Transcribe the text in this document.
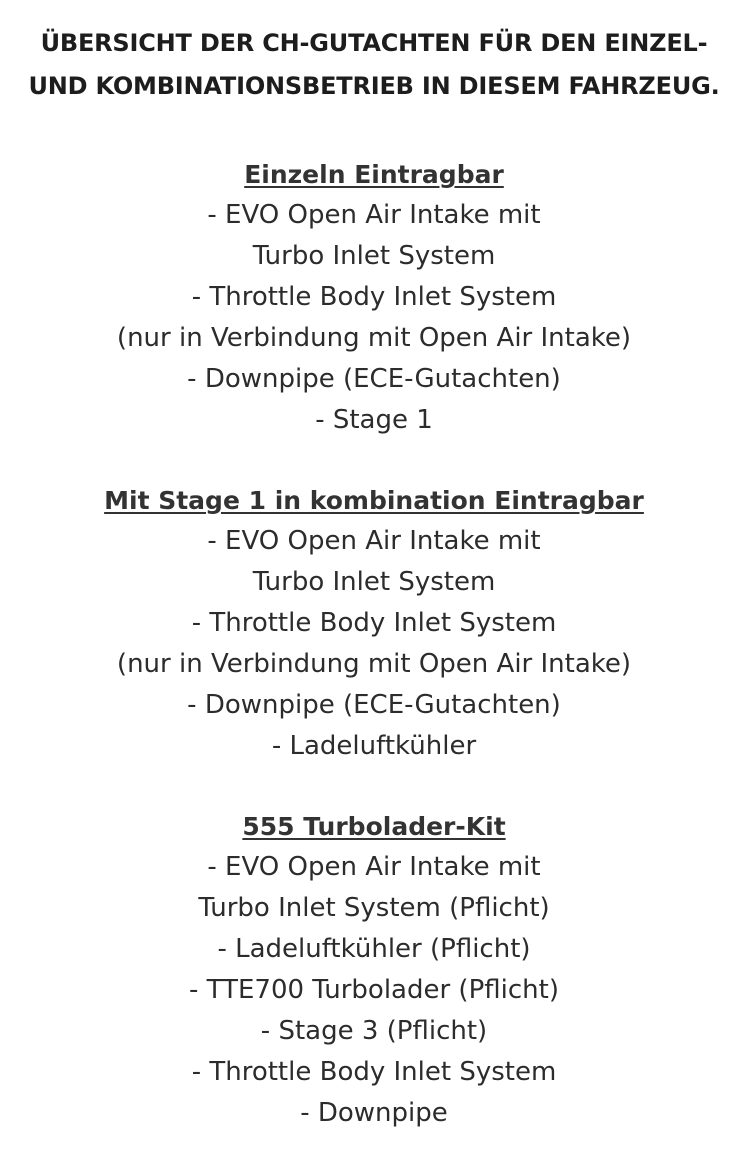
ÜBERSICHT DER CH-GUTACHTEN FÜR DEN EINZEL-
UND KOMBINATIONSBETRIEB IN DIESEM FAHRZEUG.
Einzeln Eintragbar
- EVO Open Air Intake mit
Turbo Inlet System
- Throttle Body Inlet System
(nur in Verbindung mit Open Air Intake)
- Downpipe (ECE-Gutachten)
- Stage 1
Mit Stage 1 in kombination Eintragbar
- EVO Open Air Intake mit
Turbo Inlet System
- Throttle Body Inlet System
(nur in Verbindung mit Open Air Intake)
- Downpipe (ECE-Gutachten)
- Ladeluftkühler
555 Turbolader-Kit
- EVO Open Air Intake mit
Turbo Inlet System (Pflicht)
- Ladeluftkühler (Pflicht)
- TTE700 Turbolader (Pflicht)
- Stage 3 (Pflicht)
- Throttle Body Inlet System
- Downpipe
